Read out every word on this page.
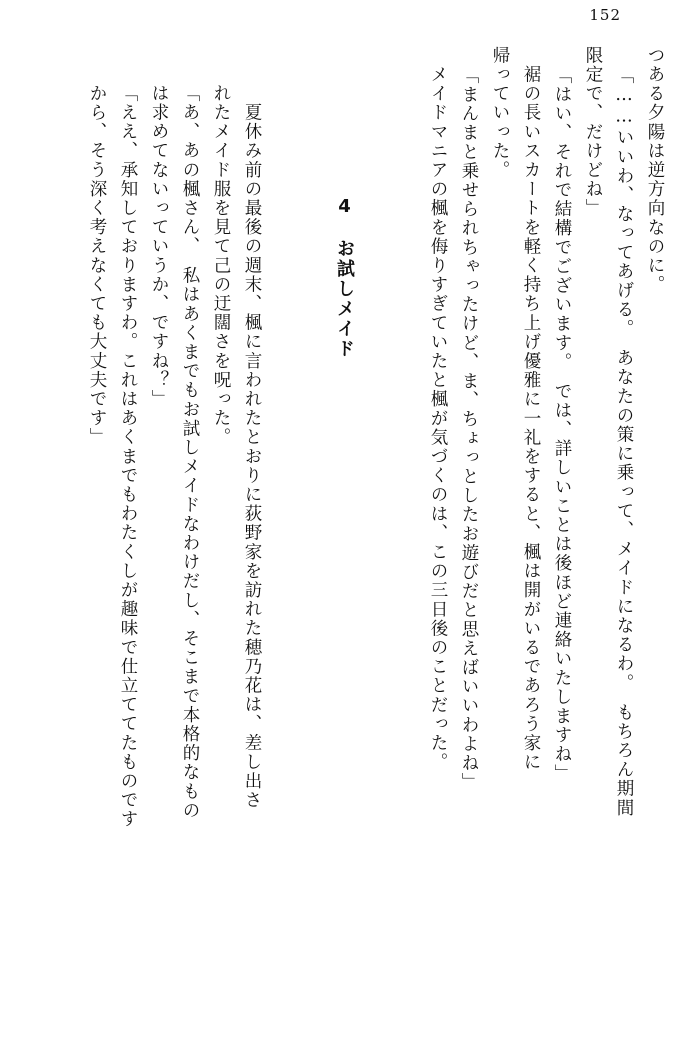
152
つある夕陽は逆方向なのに。
「……いいわ、なってあげる。　あなたの策に乗って、メイドになるわ。　もちろん期間
限定で、だけどね」
「はい、それで結構でございます。　では、詳しいことは後ほど連絡いたしますね」
　裾の長いスカートを軽く持ち上げ優雅に一礼をすると、楓は開がいるであろう家に
帰っていった。
「まんまと乗せられちゃったけど、ま、ちょっとしたお遊びだと思えばいいわよね」
　メイドマニアの楓を侮りすぎていたと楓が気づくのは、この三日後のことだった。
4　お試しメイド
　夏休み前の最後の週末、楓に言われたとおりに荻野家を訪れた穂乃花は、差し出さ
れたメイド服を見て己の迂闊さを呪った。
「あ、あの楓さん、　私はあくまでもお試しメイドなわけだし、そこまで本格的なもの
は求めてないっていうか、ですね？」
「ええ、承知しておりますわ。これはあくまでもわたくしが趣味で仕立ててたものです
から、そう深く考えなくても大丈夫です」
